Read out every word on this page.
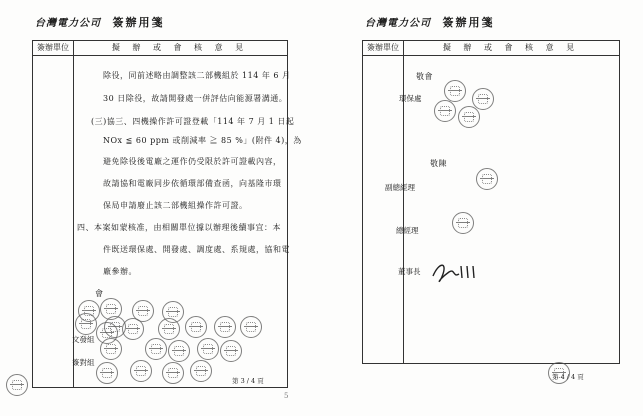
台灣電力公司 簽辦用箋
簽辦單位	擬 辦 或 會 核 意 見
除役，同前述略由調整該二部機組於 114 年 6 月
30 日除役，故請開發處一併評估向能源署溝通。
(三)協三、四機操作許可證登載「114 年 7 月 1 日起
NOx ≦ 60 ppm 或削減率 ≧ 85 %」(附件 4)，為
避免除役後電廠之運作仍受限於許可證載內容，
故請協和電廠同步依循環部備查函，向基隆市環
保局申請廢止該二部機組操作許可證。
四、本案如蒙核准，由相關單位據以辦理後續事宜：本
件既送環保處、開發處、調度處、系規處，協和電
廠參辦。
會
文發組
簽對組
第 3 / 4 頁
5
台灣電力公司 簽辦用箋
簽辦單位	擬 辦 或 會 核 意 見
敬會
敬陳
環保處
副總經理
總經理
董事長
第 4 / 4 頁
